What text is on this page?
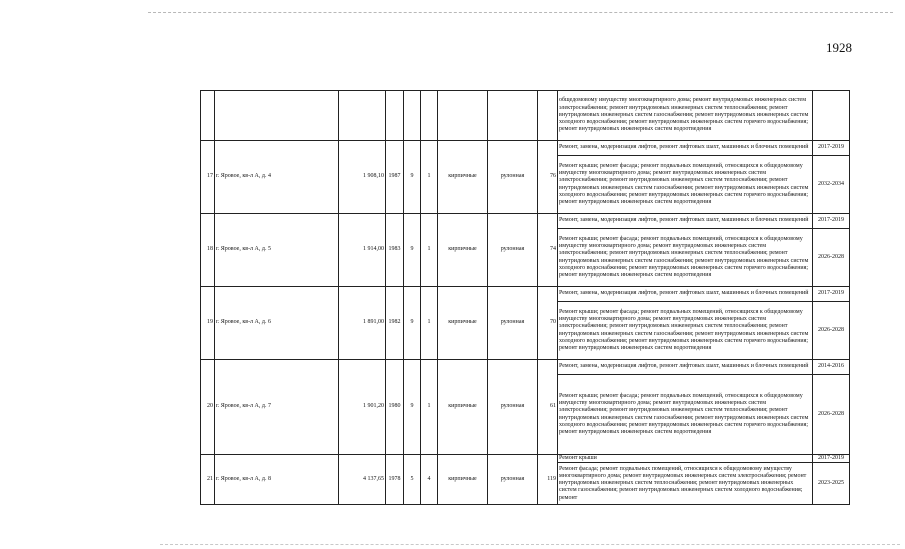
1928
									общедомовому имуществу многоквартирного дома; ремонт внутридомовых инженерных систем электроснабжения; ремонт внутридомовых инженерных систем теплоснабжения; ремонт внутридомовых инженерных систем газоснабжения; ремонт внутридомовых инженерных систем холодного водоснабжения; ремонт внутридомовых инженерных систем горячего водоснабжения; ремонт внутридомовых инженерных систем водоотведения	
17	г. Яровое, кв-л А, д. 4	1 908,10	1987	9	1	кирпичные	рулонная	76	Ремонт, замена, модернизация лифтов, ремонт лифтовых шахт, машинных и блочных помещений	2017-2019
									Ремонт крыши; ремонт фасада; ремонт подвальных помещений, относящихся к общедомовому имуществу многоквартирного дома; ремонт внутридомовых инженерных систем электроснабжения; ремонт внутридомовых инженерных систем теплоснабжения; ремонт внутридомовых инженерных систем газоснабжения; ремонт внутридомовых инженерных систем холодного водоснабжения; ремонт внутридомовых инженерных систем горячего водоснабжения; ремонт внутридомовых инженерных систем водоотведения	2032-2034
18	г. Яровое, кв-л А, д. 5	1 914,00	1983	9	1	кирпичные	рулонная	74	Ремонт, замена, модернизация лифтов, ремонт лифтовых шахт, машинных и блочных помещений	2017-2019
									Ремонт крыши; ремонт фасада; ремонт подвальных помещений, относящихся к общедомовому имуществу многоквартирного дома; ремонт внутридомовых инженерных систем электроснабжения; ремонт внутридомовых инженерных систем теплоснабжения; ремонт внутридомовых инженерных систем газоснабжения; ремонт внутридомовых инженерных систем холодного водоснабжения; ремонт внутридомовых инженерных систем горячего водоснабжения; ремонт внутридомовых инженерных систем водоотведения	2026-2028
19	г. Яровое, кв-л А, д. 6	1 891,00	1982	9	1	кирпичные	рулонная	70	Ремонт, замена, модернизация лифтов, ремонт лифтовых шахт, машинных и блочных помещений	2017-2019
									Ремонт крыши; ремонт фасада; ремонт подвальных помещений, относящихся к общедомовому имуществу многоквартирного дома; ремонт внутридомовых инженерных систем электроснабжения; ремонт внутридомовых инженерных систем теплоснабжения; ремонт внутридомовых инженерных систем газоснабжения; ремонт внутридомовых инженерных систем холодного водоснабжения; ремонт внутридомовых инженерных систем горячего водоснабжения; ремонт внутридомовых инженерных систем водоотведения	2026-2028
20	г. Яровое, кв-л А, д. 7	1 901,20	1980	9	1	кирпичные	рулонная	61	Ремонт, замена, модернизация лифтов, ремонт лифтовых шахт, машинных и блочных помещений	2014-2016
									Ремонт крыши; ремонт фасада; ремонт подвальных помещений, относящихся к общедомовому имуществу многоквартирного дома; ремонт внутридомовых инженерных систем электроснабжения; ремонт внутридомовых инженерных систем теплоснабжения; ремонт внутридомовых инженерных систем газоснабжения; ремонт внутридомовых инженерных систем холодного водоснабжения; ремонт внутридомовых инженерных систем горячего водоснабжения; ремонт внутридомовых инженерных систем водоотведения	2026-2028
21	г. Яровое, кв-л А, д. 8	4 137,65	1978	5	4	кирпичные	рулонная	119	Ремонт крыши	2017-2019
									Ремонт фасада; ремонт подвальных помещений, относящихся к общедомовому имуществу многоквартирного дома; ремонт внутридомовых инженерных систем электроснабжения; ремонт внутридомовых инженерных систем теплоснабжения; ремонт внутридомовых инженерных систем газоснабжения; ремонт внутридомовых инженерных систем холодного водоснабжения; ремонт	2023-2025
